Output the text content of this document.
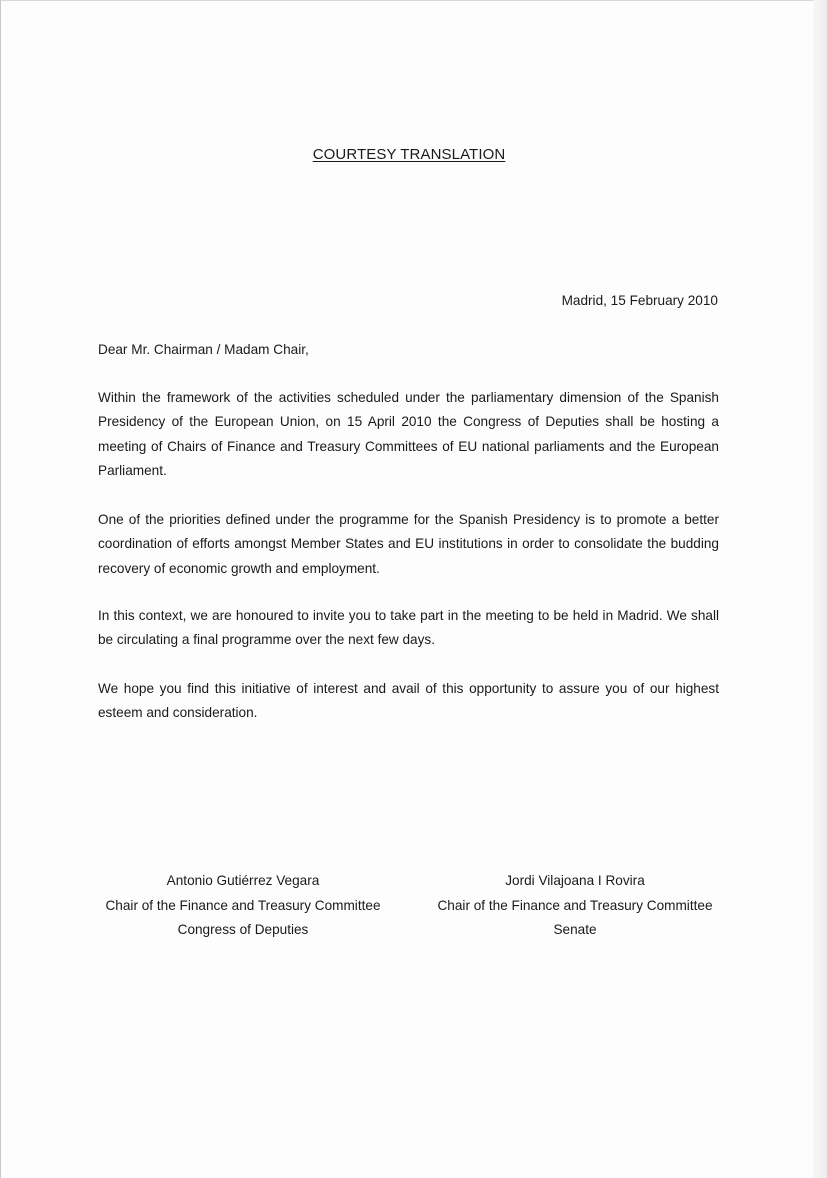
COURTESY TRANSLATION
Madrid, 15 February 2010
Dear Mr. Chairman / Madam Chair,
Within the framework of the activities scheduled under the parliamentary dimension of the Spanish Presidency of the European Union, on 15 April 2010 the Congress of Deputies shall be hosting a meeting of Chairs of Finance and Treasury Committees of EU national parliaments and the European Parliament.
One of the priorities defined under the programme for the Spanish Presidency is to promote a better coordination of efforts amongst Member States and EU institutions in order to consolidate the budding recovery of economic growth and employment.
In this context, we are honoured to invite you to take part in the meeting to be held in Madrid. We shall be circulating a final programme over the next few days.
We hope you find this initiative of interest and avail of this opportunity to assure you of our highest esteem and consideration.
Antonio Gutiérrez Vegara
Chair of the Finance and Treasury Committee
Congress of Deputies
Jordi Vilajoana I Rovira
Chair of the Finance and Treasury Committee
Senate
